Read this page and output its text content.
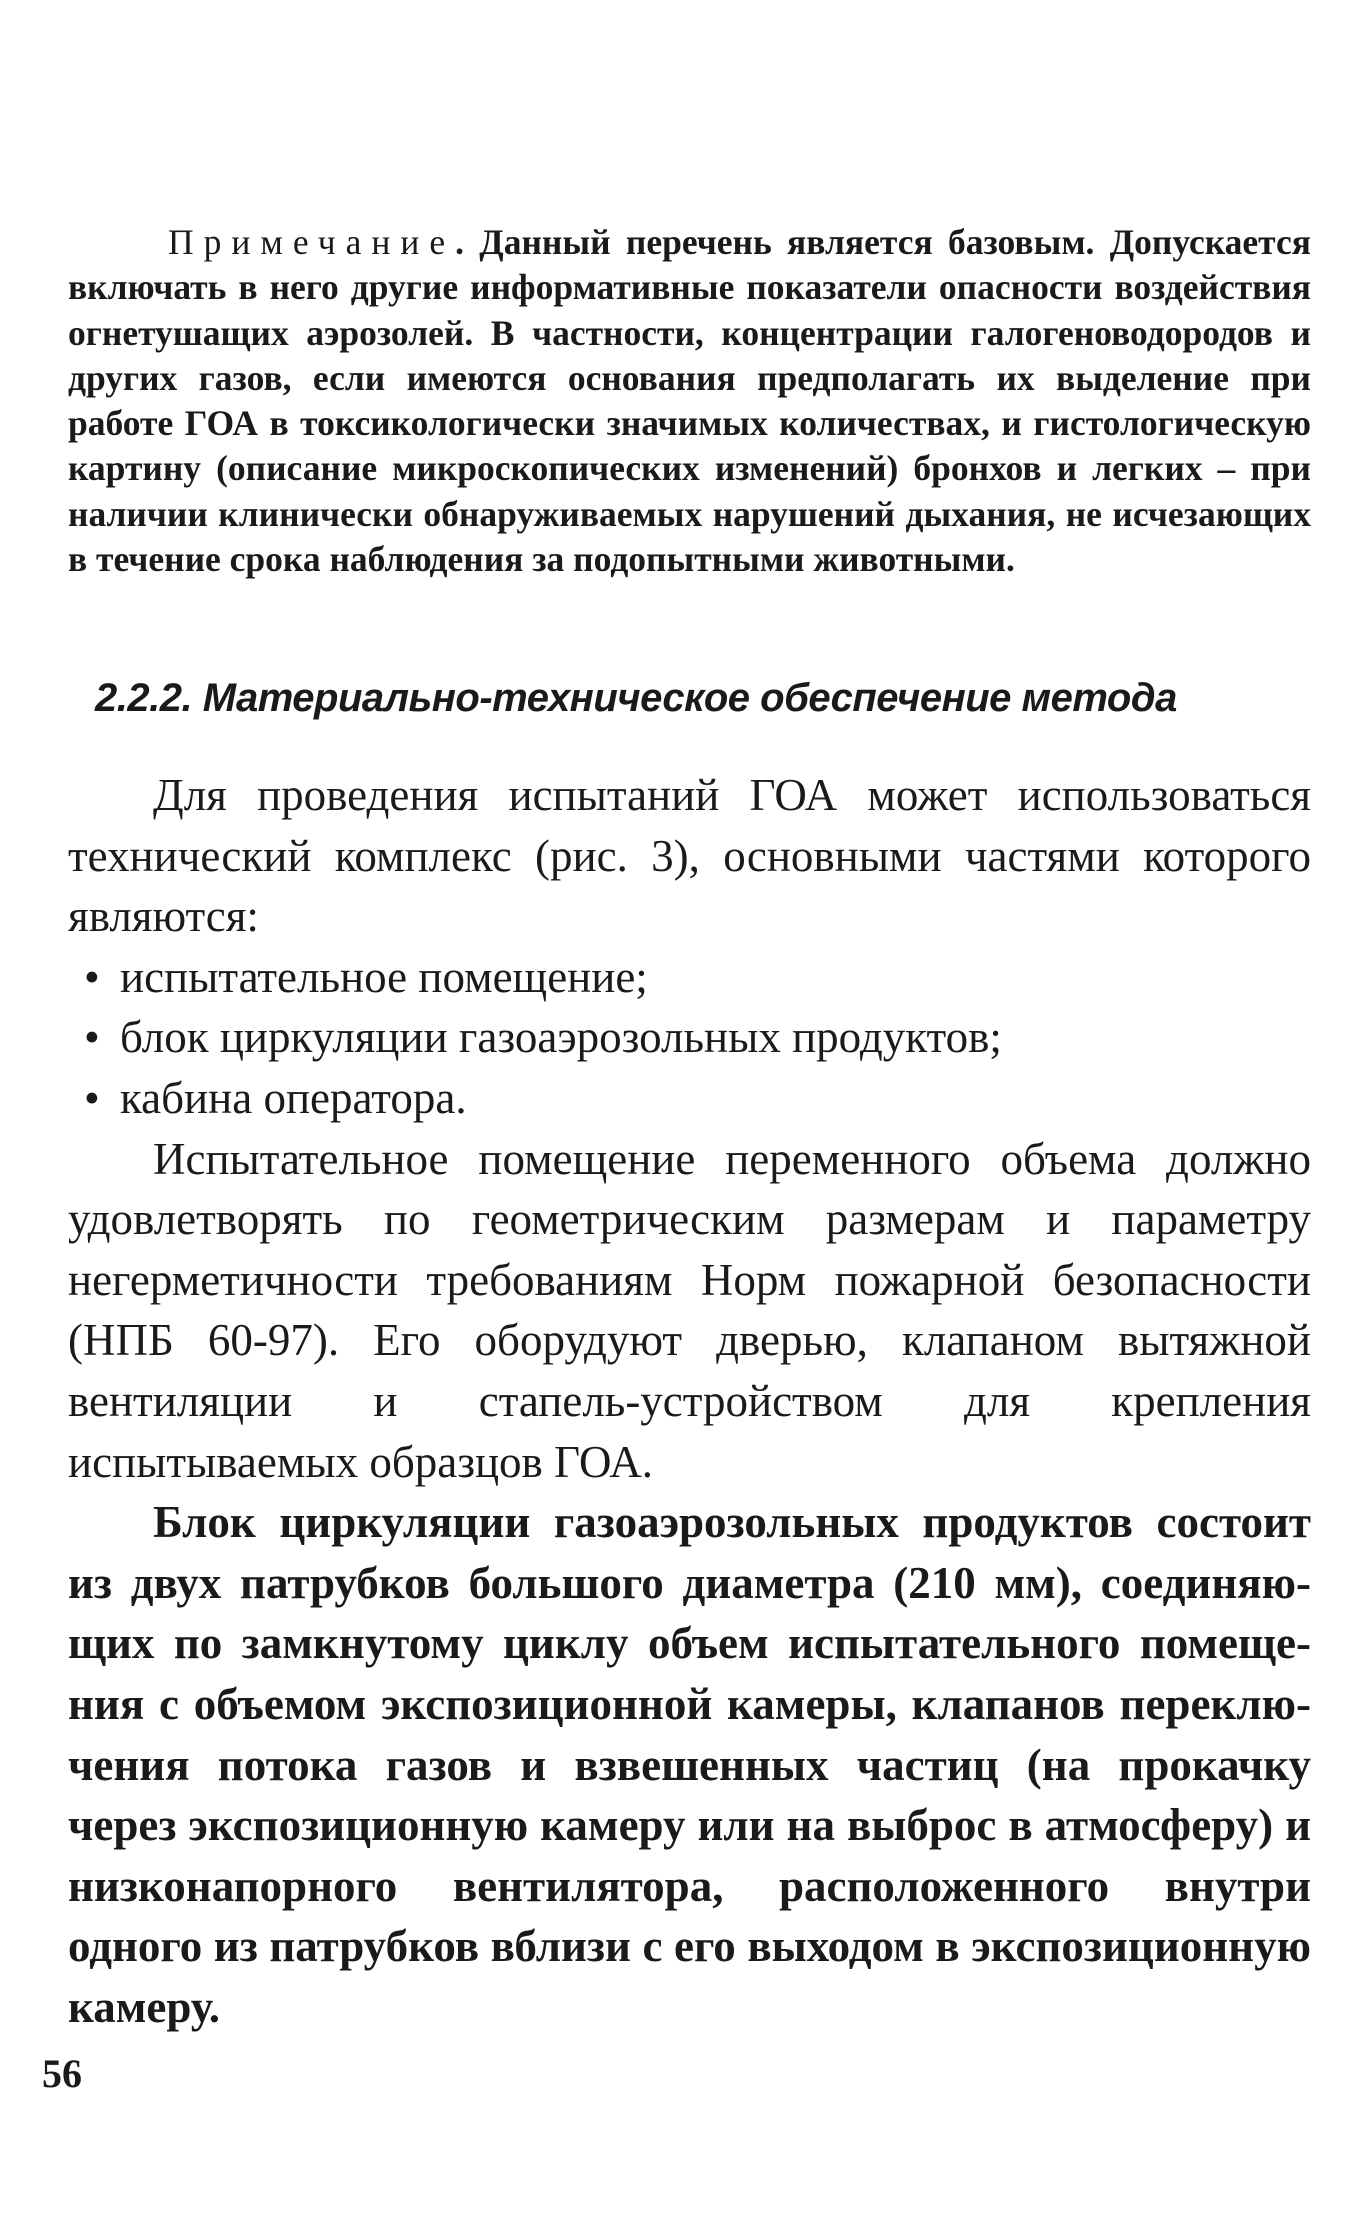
Примечание. Данный перечень является базовым. Допускается включать в него другие информативные показатели опасности воздействия огнетушащих аэрозолей. В частности, концентрации галогеноводородов и других газов, если имеются основания предполагать их выделение при работе ГОА в токсикологически значимых количествах, и гистологическую картину (описание микроскопических изменений) бронхов и легких – при наличии клинически обнаруживаемых нарушений дыхания, не исчезающих в течение срока наблюдения за подопытными животными.

2.2.2. Материально-техническое обеспечение метода

Для проведения испытаний ГОА может использоваться технический комплекс (рис. 3), основными частями которого являются:

• испытательное помещение;
• блок циркуляции газоаэрозольных продуктов;
• кабина оператора.

Испытательное помещение переменного объема должно удовлетворять по геометрическим размерам и параметру негерметичности требованиям Норм пожарной безопасности (НПБ 60-97). Его оборудуют дверью, клапаном вытяжной вентиляции и стапель-устройством для крепления испытываемых образцов ГОА.

Блок циркуляции газоаэрозольных продуктов состоит из двух патрубков большого диаметра (210 мм), соединяющих по замкнутому циклу объем испытательного помещения с объемом экспозиционной камеры, клапанов переключения потока газов и взвешенных частиц (на прокачку через экспозиционную камеру или на выброс в атмосферу) и низконапорного вентилятора, расположенного внутри одного из патрубков вблизи с его выходом в экспозиционную камеру.

56
